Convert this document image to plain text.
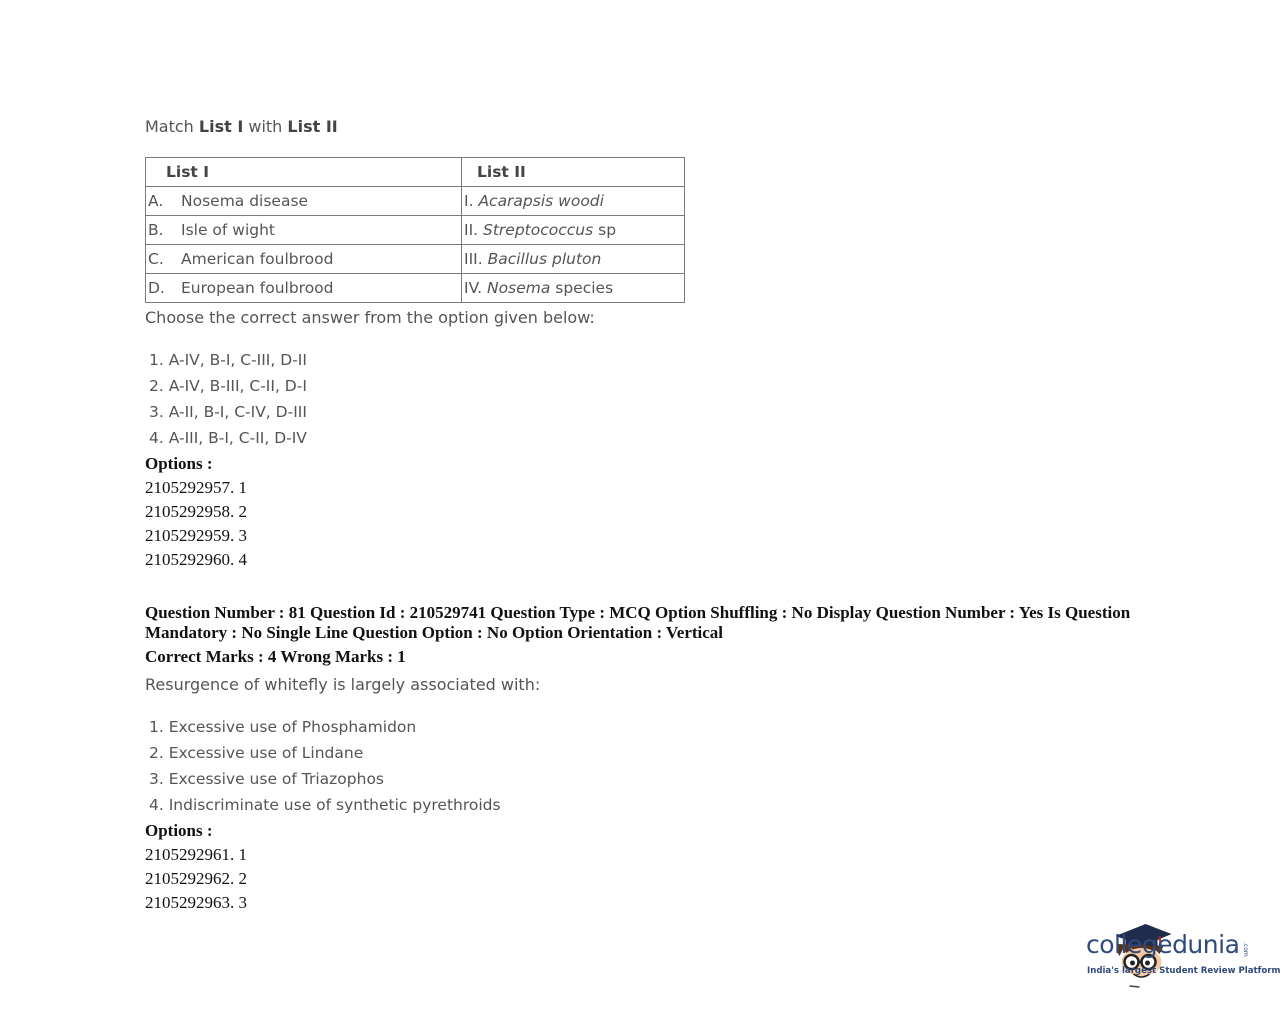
Match List I with List II
List I	List II
A. Nosema disease	I. Acarapsis woodi
B. Isle of wight	II. Streptococcus sp
C. American foulbrood	III. Bacillus pluton
D. European foulbrood	IV. Nosema species
Choose the correct answer from the option given below:
1. A-IV, B-I, C-III, D-II
2. A-IV, B-III, C-II, D-I
3. A-II, B-I, C-IV, D-III
4. A-III, B-I, C-II, D-IV
Options :
2105292957. 1
2105292958. 2
2105292959. 3
2105292960. 4
Question Number : 81 Question Id : 210529741 Question Type : MCQ Option Shuffling : No Display Question Number : Yes Is Question Mandatory : No Single Line Question Option : No Option Orientation : Vertical
Correct Marks : 4 Wrong Marks : 1
Resurgence of whitefly is largely associated with:
1. Excessive use of Phosphamidon
2. Excessive use of Lindane
3. Excessive use of Triazophos
4. Indiscriminate use of synthetic pyrethroids
Options :
2105292961. 1
2105292962. 2
2105292963. 3
collegedunia .com
India's largest Student Review Platform
